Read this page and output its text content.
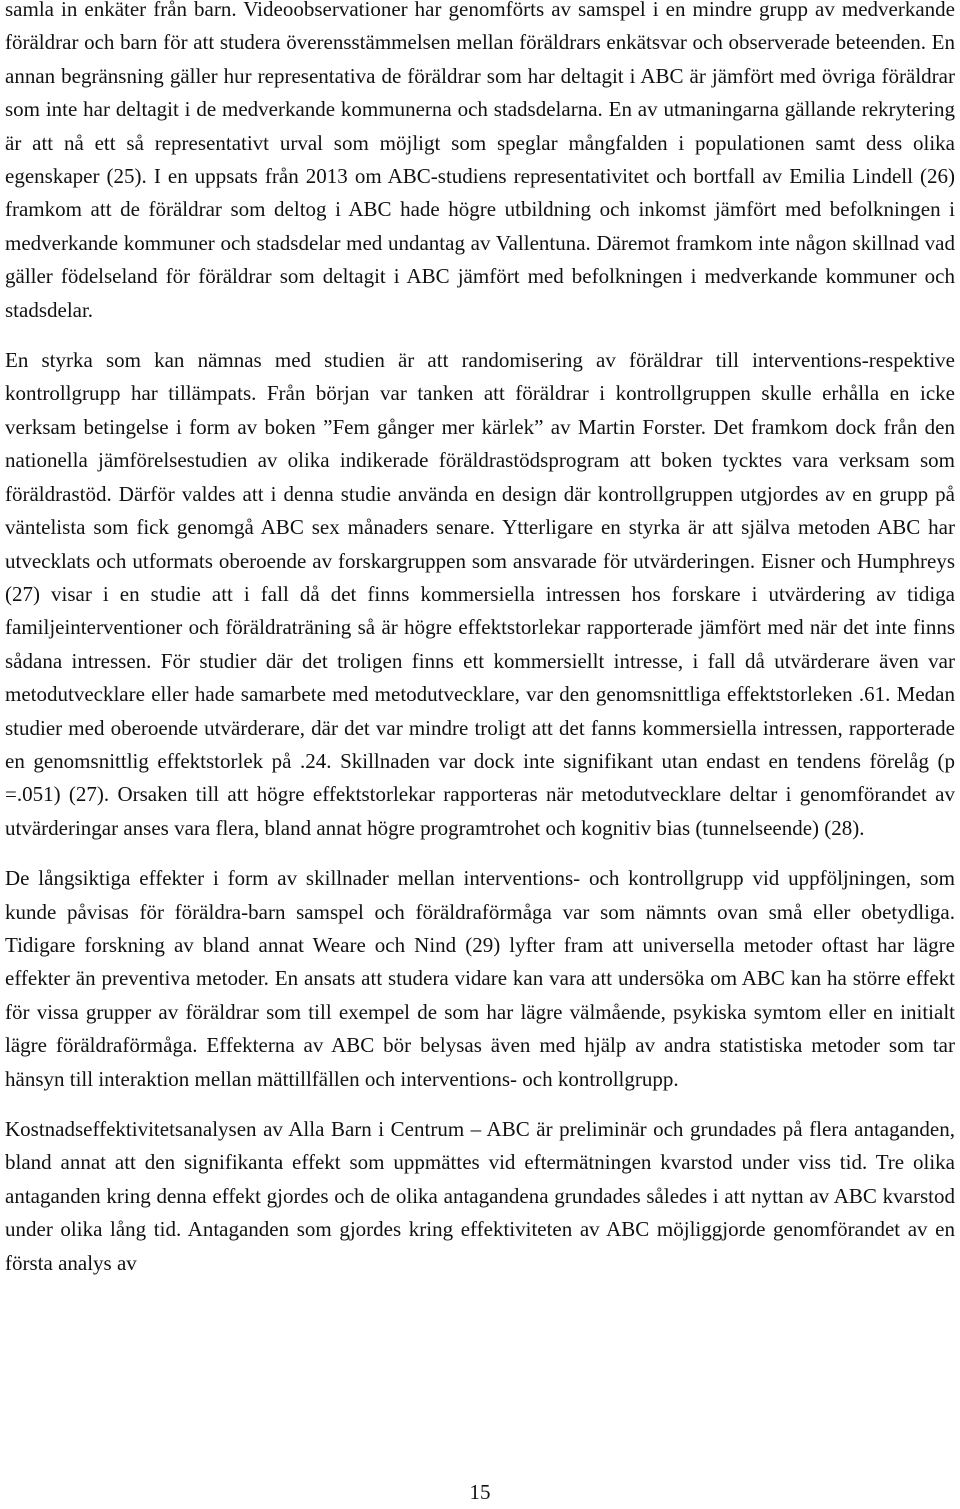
samla in enkäter från barn. Videoobservationer har genomförts av samspel i en mindre grupp av medverkande föräldrar och barn för att studera överensstämmelsen mellan föräldrars enkätsvar och observerade beteenden. En annan begränsning gäller hur representativa de föräldrar som har deltagit i ABC är jämfört med övriga föräldrar som inte har deltagit i de medverkande kommunerna och stadsdelarna. En av utmaningarna gällande rekrytering är att nå ett så representativt urval som möjligt som speglar mångfalden i populationen samt dess olika egenskaper (25). I en uppsats från 2013 om ABC-studiens representativitet och bortfall av Emilia Lindell (26) framkom att de föräldrar som deltog i ABC hade högre utbildning och inkomst jämfört med befolkningen i medverkande kommuner och stadsdelar med undantag av Vallentuna. Däremot framkom inte någon skillnad vad gäller födelseland för föräldrar som deltagit i ABC jämfört med befolkningen i medverkande kommuner och stadsdelar.

En styrka som kan nämnas med studien är att randomisering av föräldrar till interventions-respektive kontrollgrupp har tillämpats. Från början var tanken att föräldrar i kontrollgruppen skulle erhålla en icke verksam betingelse i form av boken ”Fem gånger mer kärlek” av Martin Forster. Det framkom dock från den nationella jämförelsestudien av olika indikerade föräldrastödsprogram att boken tycktes vara verksam som föräldrastöd. Därför valdes att i denna studie använda en design där kontrollgruppen utgjordes av en grupp på väntelista som fick genomgå ABC sex månaders senare. Ytterligare en styrka är att själva metoden ABC har utvecklats och utformats oberoende av forskargruppen som ansvarade för utvärderingen. Eisner och Humphreys (27) visar i en studie att i fall då det finns kommersiella intressen hos forskare i utvärdering av tidiga familjeinterventioner och föräldraträning så är högre effektstorlekar rapporterade jämfört med när det inte finns sådana intressen. För studier där det troligen finns ett kommersiellt intresse, i fall då utvärderare även var metodutvecklare eller hade samarbete med metodutvecklare, var den genomsnittliga effektstorleken .61. Medan studier med oberoende utvärderare, där det var mindre troligt att det fanns kommersiella intressen, rapporterade en genomsnittlig effektstorlek på .24. Skillnaden var dock inte signifikant utan endast en tendens förelåg (p =.051) (27). Orsaken till att högre effektstorlekar rapporteras när metodutvecklare deltar i genomförandet av utvärderingar anses vara flera, bland annat högre programtrohet och kognitiv bias (tunnelseende) (28).

De långsiktiga effekter i form av skillnader mellan interventions- och kontrollgrupp vid uppföljningen, som kunde påvisas för föräldra-barn samspel och föräldraförmåga var som nämnts ovan små eller obetydliga. Tidigare forskning av bland annat Weare och Nind (29) lyfter fram att universella metoder oftast har lägre effekter än preventiva metoder. En ansats att studera vidare kan vara att undersöka om ABC kan ha större effekt för vissa grupper av föräldrar som till exempel de som har lägre välmående, psykiska symtom eller en initialt lägre föräldraförmåga. Effekterna av ABC bör belysas även med hjälp av andra statistiska metoder som tar hänsyn till interaktion mellan mättillfällen och interventions- och kontrollgrupp.

Kostnadseffektivitetsanalysen av Alla Barn i Centrum – ABC är preliminär och grundades på flera antaganden, bland annat att den signifikanta effekt som uppmättes vid eftermätningen kvarstod under viss tid. Tre olika antaganden kring denna effekt gjordes och de olika antagandena grundades således i att nyttan av ABC kvarstod under olika lång tid. Antaganden som gjordes kring effektiviteten av ABC möjliggjorde genomförandet av en första analys av

15
